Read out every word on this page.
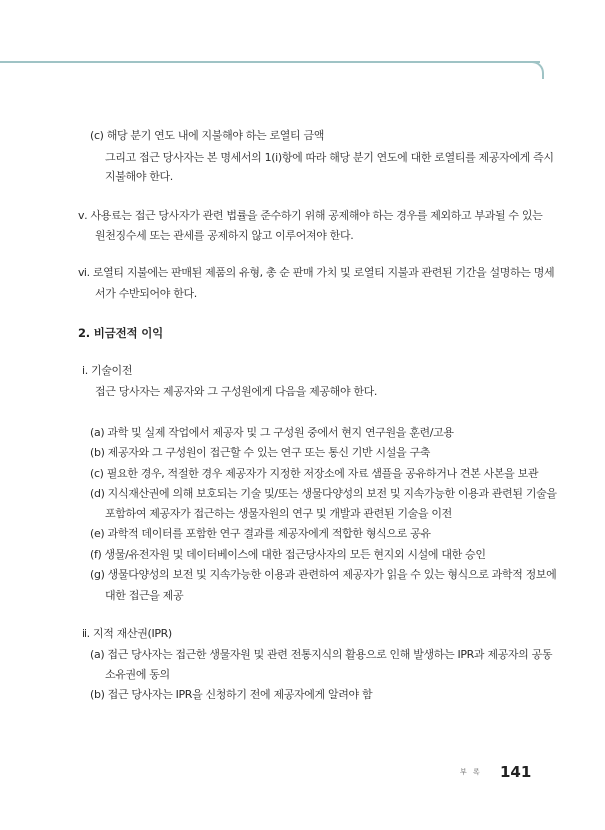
(c) 해당 분기 연도 내에 지불해야 하는 로열티 금액
그리고 접근 당사자는 본 명세서의 1(i)항에 따라 해당 분기 연도에 대한 로열티를 제공자에게 즉시
지불해야 한다.
ⅴ. 사용료는 접근 당사자가 관련 법률을 준수하기 위해 공제해야 하는 경우를 제외하고 부과될 수 있는
원천징수세 또는 관세를 공제하지 않고 이루어져야 한다.
ⅵ. 로열티 지불에는 판매된 제품의 유형, 총 순 판매 가치 및 로열티 지불과 관련된 기간을 설명하는 명세
서가 수반되어야 한다.
2. 비금전적 이익
ⅰ. 기술이전
접근 당사자는 제공자와 그 구성원에게 다음을 제공해야 한다.
(a) 과학 및 실제 작업에서 제공자 및 그 구성원 중에서 현지 연구원을 훈련/고용
(b) 제공자와 그 구성원이 접근할 수 있는 연구 또는 통신 기반 시설을 구축
(c) 필요한 경우, 적절한 경우 제공자가 지정한 저장소에 자료 샘플을 공유하거나 견본 사본을 보관
(d) 지식재산권에 의해 보호되는 기술 및/또는 생물다양성의 보전 및 지속가능한 이용과 관련된 기술을
포함하여 제공자가 접근하는 생물자원의 연구 및 개발과 관련된 기술을 이전
(e) 과학적 데이터를 포함한 연구 결과를 제공자에게 적합한 형식으로 공유
(f) 생물/유전자원 및 데이터베이스에 대한 접근당사자의 모든 현지외 시설에 대한 승인
(g) 생물다양성의 보전 및 지속가능한 이용과 관련하여 제공자가 읽을 수 있는 형식으로 과학적 정보에
대한 접근을 제공
ⅱ. 지적 재산권(IPR)
(a) 접근 당사자는 접근한 생물자원 및 관련 전통지식의 활용으로 인해 발생하는 IPR과 제공자의 공동
소유권에 동의
(b) 접근 당사자는 IPR을 신청하기 전에 제공자에게 알려야 함
부 록 141
